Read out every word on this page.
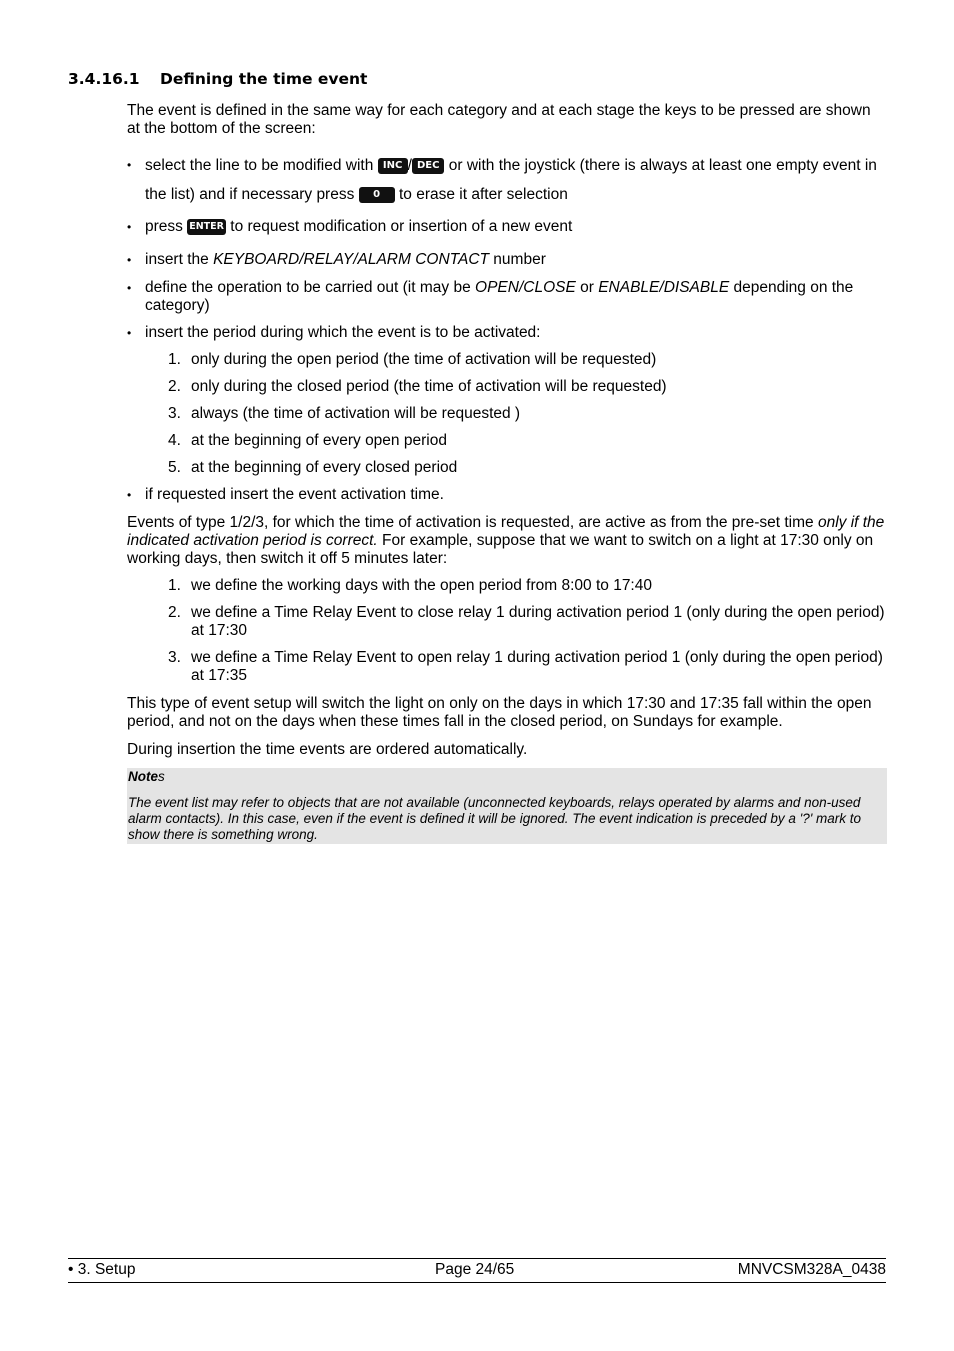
3.4.16.1 Defining the time event

The event is defined in the same way for each category and at each stage the keys to be pressed are shown at the bottom of the screen:

• select the line to be modified with INC / DEC or with the joystick (there is always at least one empty event in the list) and if necessary press 0 to erase it after selection

• press ENTER to request modification or insertion of a new event

• insert the KEYBOARD/RELAY/ALARM CONTACT number

• define the operation to be carried out (it may be OPEN/CLOSE or ENABLE/DISABLE depending on the category)

• insert the period during which the event is to be activated:

1. only during the open period (the time of activation will be requested)

2. only during the closed period (the time of activation will be requested)

3. always (the time of activation will be requested )

4. at the beginning of every open period

5. at the beginning of every closed period

• if requested insert the event activation time.

Events of type 1/2/3, for which the time of activation is requested, are active as from the pre-set time only if the indicated activation period is correct. For example, suppose that we want to switch on a light at 17:30 only on working days, then switch it off 5 minutes later:

1. we define the working days with the open period from 8:00 to 17:40

2. we define a Time Relay Event to close relay 1 during activation period 1 (only during the open period) at 17:30

3. we define a Time Relay Event to open relay 1 during activation period 1 (only during the open period) at 17:35

This type of event setup will switch the light on only on the days in which 17:30 and 17:35 fall within the open period, and not on the days when these times fall in the closed period, on Sundays for example.

During insertion the time events are ordered automatically.

Notes
The event list may refer to objects that are not available (unconnected keyboards, relays operated by alarms and non-used alarm contacts). In this case, even if the event is defined it will be ignored. The event indication is preceded by a '?' mark to show there is something wrong.
• 3. Setup	Page 24/65	MNVCSM328A_0438
